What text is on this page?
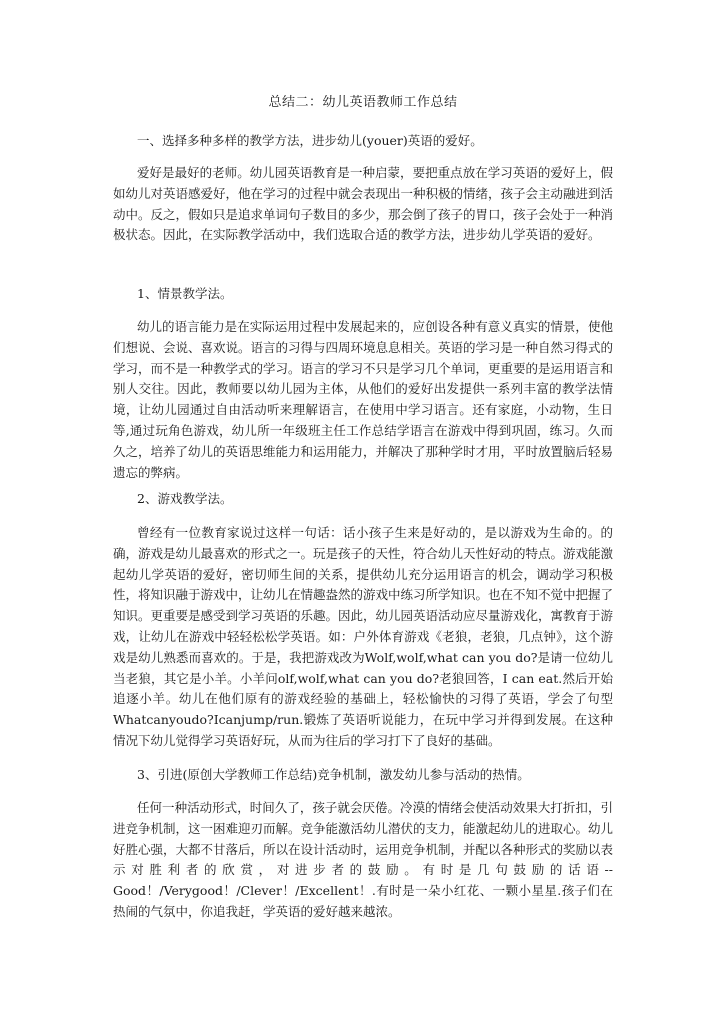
总结二：幼儿英语教师工作总结
一、选择多种多样的教学方法，进步幼儿(youer)英语的爱好。

爱好是最好的老师。幼儿园英语教育是一种启蒙，要把重点放在学习英语的爱好上，假如幼儿对英语感爱好，他在学习的过程中就会表现出一种积极的情绪，孩子会主动融进到活动中。反之，假如只是追求单词句子数目的多少，那会倒了孩子的胃口，孩子会处于一种消极状态。因此，在实际教学活动中，我们选取合适的教学方法，进步幼儿学英语的爱好。

1、情景教学法。

幼儿的语言能力是在实际运用过程中发展起来的，应创设各种有意义真实的情景，使他们想说、会说、喜欢说。语言的习得与四周环境息息相关。英语的学习是一种自然习得式的学习，而不是一种教学式的学习。语言的学习不只是学习几个单词，更重要的是运用语言和别人交往。因此，教师要以幼儿园为主体，从他们的爱好出发提供一系列丰富的教学法情境，让幼儿园通过自由活动听来理解语言，在使用中学习语言。还有家庭，小动物，生日等,通过玩角色游戏，幼儿所一年级班主任工作总结学语言在游戏中得到巩固，练习。久而久之，培养了幼儿的英语思维能力和运用能力，并解决了那种学时才用，平时放置脑后轻易遗忘的弊病。

2、游戏教学法。

曾经有一位教育家说过这样一句话：话小孩子生来是好动的，是以游戏为生命的。的确，游戏是幼儿最喜欢的形式之一。玩是孩子的天性，符合幼儿天性好动的特点。游戏能激起幼儿学英语的爱好，密切师生间的关系，提供幼儿充分运用语言的机会，调动学习积极性，将知识融于游戏中，让幼儿在情趣盎然的游戏中练习所学知识。也在不知不觉中把握了知识。更重要是感受到学习英语的乐趣。因此，幼儿园英语活动应尽量游戏化，寓教育于游戏，让幼儿在游戏中轻轻松松学英语。如：户外体育游戏《老狼，老狼，几点钟》，这个游戏是幼儿熟悉而喜欢的。于是，我把游戏改为Wolf,wolf,what can you do?是请一位幼儿当老狼，其它是小羊。小羊问olf,wolf,what can you do?老狼回答，I can eat.然后开始追逐小羊。幼儿在他们原有的游戏经验的基础上，轻松愉快的习得了英语，学会了句型Whatcanyoudo?Icanjump/run.锻炼了英语听说能力，在玩中学习并得到发展。在这种情况下幼儿觉得学习英语好玩，从而为往后的学习打下了良好的基础。

3、引进(原创大学教师工作总结)竞争机制，激发幼儿参与活动的热情。

任何一种活动形式，时间久了，孩子就会厌倦。冷漠的情绪会使活动效果大打折扣，引进竞争机制，这一困难迎刃而解。竞争能激活幼儿潜伏的支力，能激起幼儿的进取心。幼儿好胜心强，大都不甘落后，所以在设计活动时，运用竞争机制，并配以各种形式的奖励以表示对胜利者的欣赏，对进步者的鼓励。有时是几句鼓励的话语--Good！/Verygood！/Clever！/Excellent！.有时是一朵小红花、一颗小星星.孩子们在热闹的气氛中，你追我赶，学英语的爱好越来越浓。
